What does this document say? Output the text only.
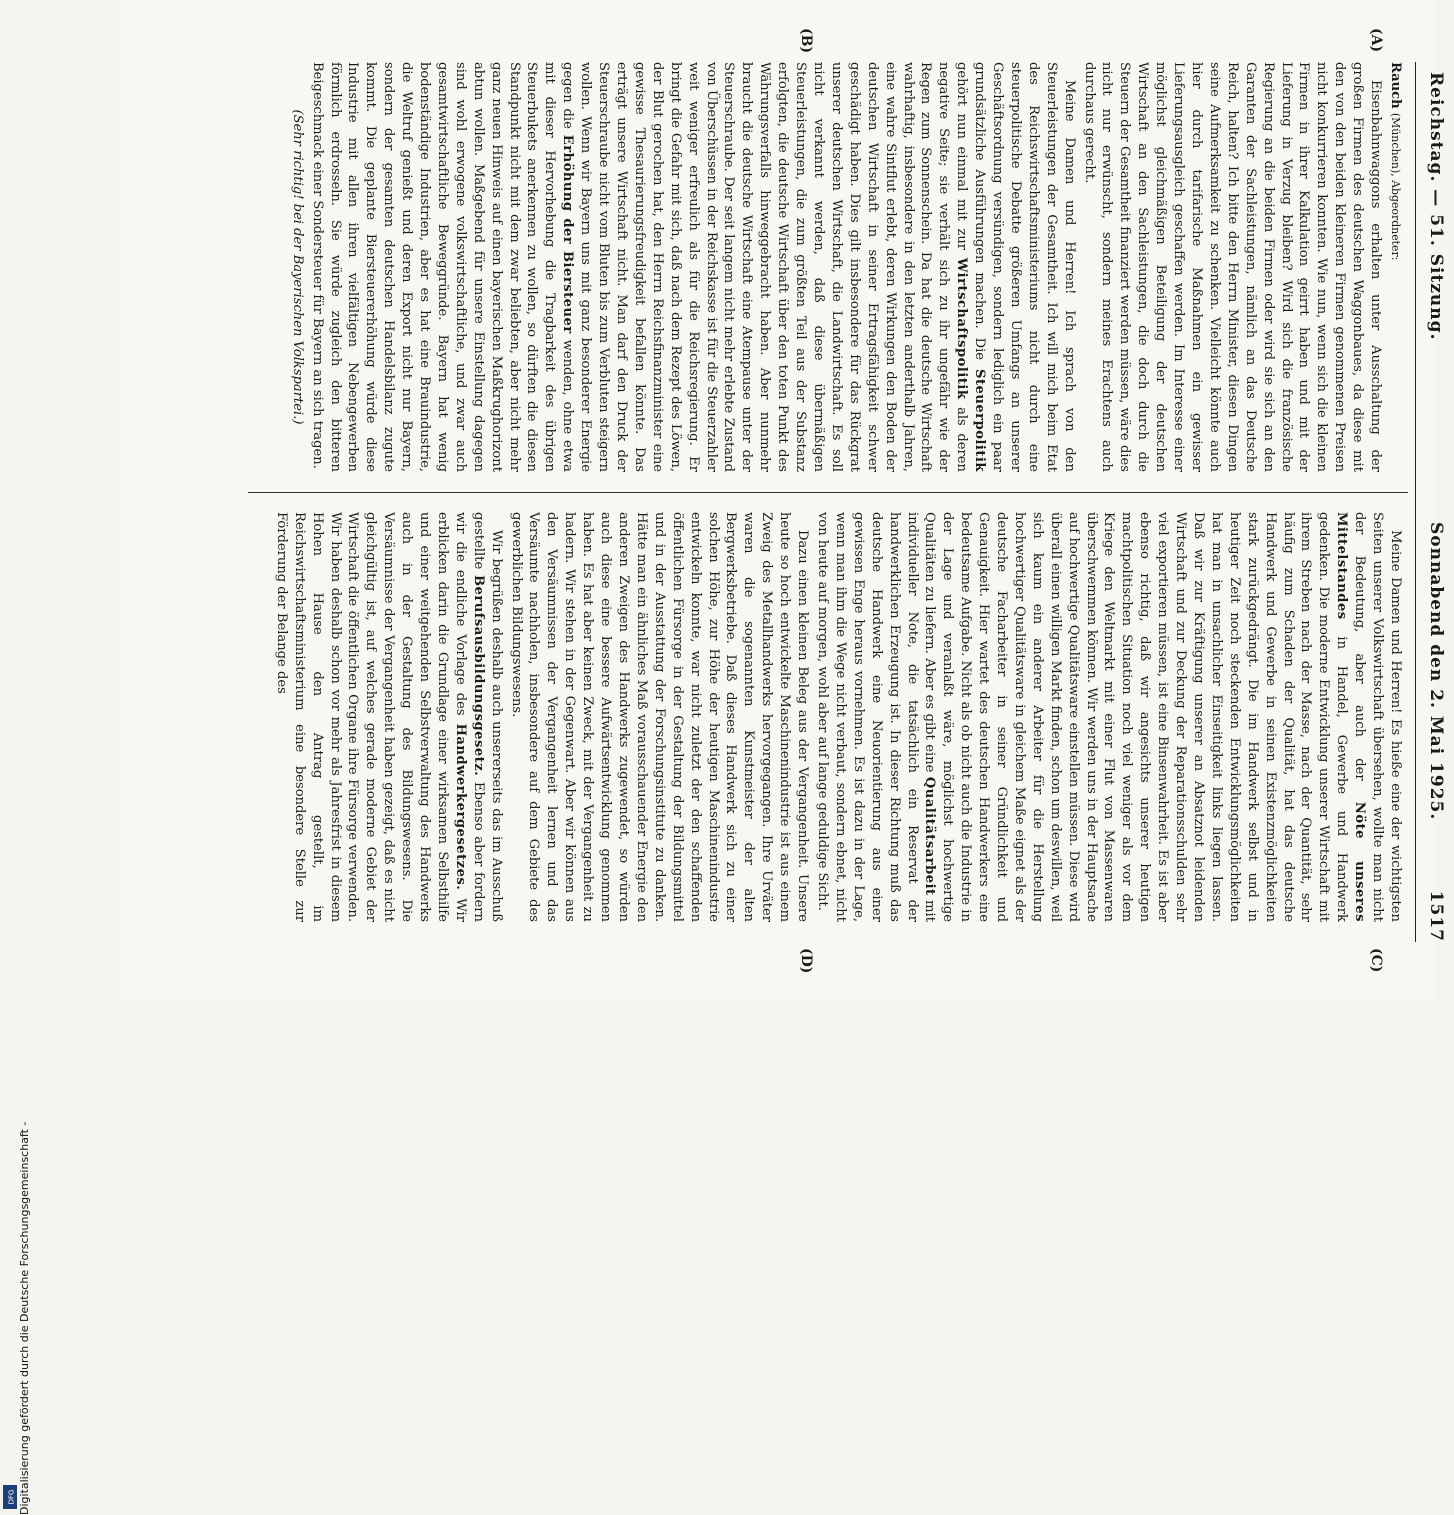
Digitalisierung gefördert durch die Deutsche Forschungsgemeinschaft -
DFG
Reichstag. — 51. Sitzung.
Sonnabend den 2. Mai 1925.
1517
(A)
(B)
(C)
(D)

Rauch (München), Abgeordneter:

Eisenbahnwaggons erhalten unter Ausschaltung der großen Firmen des deutschen Waggonbaues, da diese mit den von den beiden kleineren Firmen genommenen Preisen nicht konkurrieren konnten. Wie nun, wenn sich die kleinen Firmen in ihrer Kalkulation geirrt haben und mit der Lieferung in Verzug bleiben? Wird sich die französische Regierung an die beiden Firmen oder wird sie sich an den Garanten der Sachleistungen, nämlich an das Deutsche Reich, halten? Ich bitte den Herrn Minister, diesen Dingen seine Aufmerksamkeit zu schenken. Vielleicht könnte auch hier durch tarifarische Maßnahmen ein gewisser Lieferungsausgleich geschaffen werden. Im Interesse einer möglichst gleichmäßigen Beteiligung der deutschen Wirtschaft an den Sachleistungen, die doch durch die Steuern der Gesamtheit finanziert werden müssen, wäre dies nicht nur erwünscht, sondern meines Erachtens auch durchaus gerecht.

Meine Damen und Herren! Ich sprach von den Steuerleistungen der Gesamtheit. Ich will mich beim Etat des Reichswirtschaftsministeriums nicht durch eine steuerpolitische Debatte größeren Umfangs an unserer Geschäftsordnung versündigen, sondern lediglich ein paar grundsätzliche Ausführungen machen. Die Steuerpolitik gehört nun einmal mit zur Wirtschaftspolitik als deren negative Seite; sie verhält sich zu ihr ungefähr wie der Regen zum Sonnenschein. Da hat die deutsche Wirtschaft wahrhaftig, insbesondere in den letzten anderthalb Jahren, eine wahre Sintflut erlebt, deren Wirkungen den Boden der deutschen Wirtschaft in seiner Ertragsfähigkeit schwer geschädigt haben. Dies gilt insbesondere für das Rückgrat unserer deutschen Wirtschaft, die Landwirtschaft. Es soll nicht verkannt werden, daß diese übermäßigen Steuerleistungen, die zum größten Teil aus der Substanz erfolgten, die deutsche Wirtschaft über den toten Punkt des Währungsverfalls hinweggebracht haben. Aber nunmehr braucht die deutsche Wirtschaft eine Atempause unter der Steuerschraube. Der seit langem nicht mehr erlebte Zustand von Überschüssen in der Reichskasse ist für die Steuerzahler weit weniger erfreulich als für die Reichsregierung. Er bringt die Gefahr mit sich, daß nach dem Rezept des Löwen, der Blut gerochen hat, den Herrn Reichsfinanzminister eine gewisse Thesaurierungsfreudigkeit befallen könnte. Das erträgt unsere Wirtschaft nicht. Man darf den Druck der Steuerschraube nicht vom Bluten bis zum Verbluten steigern wollen. Wenn wir Bayern uns mit ganz besonderer Energie gegen die Erhöhung der Biersteuer wenden, ohne etwa mit dieser Hervorhebung die Tragbarkeit des übrigen Steuerbukets anerkennen zu wollen, so dürften die diesen Standpunkt nicht mit dem zwar beliebten, aber nicht mehr ganz neuen Hinweis auf einen bayerischen Maßkrughorizont abtun wollen. Maßgebend für unsere Einstellung dagegen sind wohl erwogene volkswirtschaftliche, und zwar auch gesamtwirtschaftliche Beweggründe. Bayern hat wenig bodenständige Industrien, aber es hat eine Brauindustrie, die Weltruf genießt und deren Export nicht nur Bayern, sondern der gesamten deutschen Handelsbilanz zugute kommt. Die geplante Biersteuererhöhung würde diese Industrie mit allen ihren vielfältigen Nebengewerben förmlich erdrosseln. Sie würde zugleich den bitteren Beigeschmack einer Sondersteuer für Bayern an sich tragen.

(Sehr richtig! bei der Bayerischen Volkspartei.)

Meine Damen und Herren! Es hieße eine der wichtigsten Seiten unserer Volkswirtschaft übersehen, wollte man nicht der Bedeutung, aber auch der Nöte unseres Mittelstandes in Handel, Gewerbe und Handwerk gedenken. Die moderne Entwicklung unserer Wirtschaft mit ihrem Streben nach der Masse, nach der Quantität, sehr häufig zum Schaden der Qualität, hat das deutsche Handwerk und Gewerbe in seinen Existenzmöglichkeiten stark zurückgedrängt. Die im Handwerk selbst und in heutiger Zeit noch steckenden Entwicklungsmöglichkeiten hat man in unsachlicher Einseitigkeit links liegen lassen. Daß wir zur Kräftigung unserer an Absatznot leidenden Wirtschaft und zur Deckung der Reparationsschulden sehr viel exportieren müssen, ist eine Binsenwahrheit. Es ist aber ebenso richtig, daß wir angesichts unserer heutigen machtpolitischen Situation noch viel weniger als vor dem Kriege den Weltmarkt mit einer Flut von Massenwaren überschwemmen können. Wir werden uns in der Hauptsache auf hochwertige Qualitätsware einstellen müssen. Diese wird überall einen willigen Markt finden, schon um deswillen, weil sich kaum ein anderer Arbeiter für die Herstellung hochwertiger Qualitätsware in gleichem Maße eignet als der deutsche Facharbeiter in seiner Gründlichkeit und Genauigkeit. Hier wartet des deutschen Handwerkers eine bedeutsame Aufgabe. Nicht als ob nicht auch die Industrie in der Lage und veranlaßt wäre, möglichst hochwertige Qualitäten zu liefern. Aber es gibt eine Qualitätsarbeit mit individueller Note, die tatsächlich ein Reservat der handwerklichen Erzeugung ist. In dieser Richtung muß das deutsche Handwerk eine Neuorientierung aus einer gewissen Enge heraus vornehmen. Es ist dazu in der Lage, wenn man ihm die Wege nicht verbaut, sondern ebnet, nicht von heute auf morgen, wohl aber auf lange geduldige Sicht.

Dazu einen kleinen Beleg aus der Vergangenheit. Unsere heute so hoch entwickelte Maschinenindustrie ist aus einem Zweig des Metallhandwerks hervorgegangen. Ihre Urväter waren die sogenannten Kunstmeister der alten Bergwerksbetriebe. Daß dieses Handwerk sich zu einer solchen Höhe, zur Höhe der heutigen Maschinenindustrie entwickeln konnte, war nicht zuletzt der den schaffenden öffentlichen Fürsorge in der Gestaltung der Bildungsmittel und in der Ausstattung der Forschungsinstitute zu danken. Hätte man ein ähnliches Maß vorausschauender Energie den anderen Zweigen des Handwerks zugewendet, so würden auch diese eine bessere Aufwärtsentwicklung genommen haben. Es hat aber keinen Zweck, mit der Vergangenheit zu hadern. Wir stehen in der Gegenwart. Aber wir können aus den Versäumnissen der Vergangenheit lernen und das Versäumte nachholen, insbesondere auf dem Gebiete des gewerblichen Bildungswesens.

Wir begrüßen deshalb auch unsererseits das im Ausschuß gestellte Berufsausbildungsgesetz. Ebenso aber fordern wir die endliche Vorlage des Handwerkergesetzes. Wir erblicken darin die Grundlage einer wirksamen Selbsthilfe und einer weitgehenden Selbstverwaltung des Handwerks auch in der Gestaltung des Bildungswesens. Die Versäumnisse der Vergangenheit haben gezeigt, daß es nicht gleichgültig ist, auf welches gerade moderne Gebiet der Wirtschaft die öffentlichen Organe ihre Fürsorge verwenden. Wir haben deshalb schon vor mehr als Jahresfrist in diesem Hohen Hause den Antrag gestellt, im Reichswirtschaftsministerium eine besondere Stelle zur Förderung der Belange des
